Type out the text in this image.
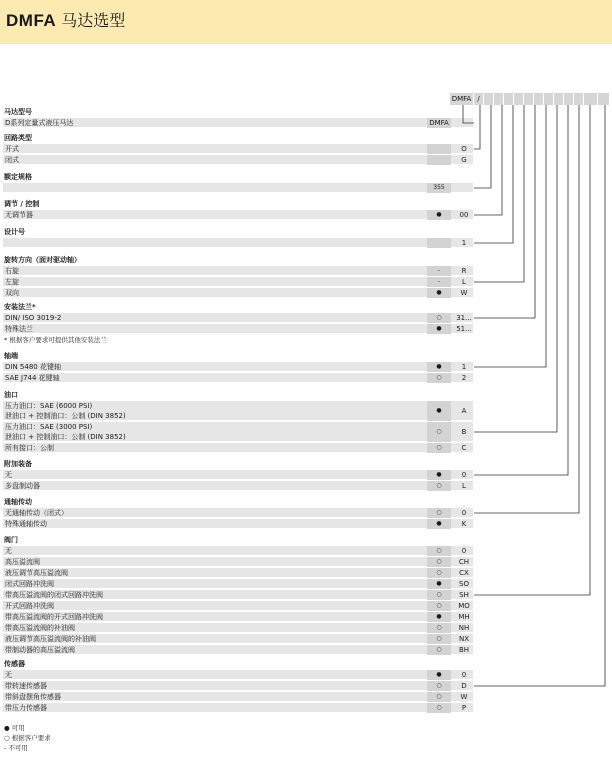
DMFA 马达选型
DMFA /
马达型号
D系列定量式液压马达	DMFA
回路类型
开式	O
闭式	G
额定规格
355
调节 / 控制
无调节器	●	00
设计号
1
旋转方向（面对驱动轴）
右旋	-	R
左旋	-	L
双向	●	W
安装法兰*
DIN/ ISO 3019-2	○	31...
特殊法兰	●	51...
* 根据客户要求可提供其他安装法兰
轴端
DIN 5480 花键轴	●	1
SAE J744 花键轴	○	2
油口
压力油口：SAE (6000 PSI)
泄油口 + 控制油口：公制 (DIN 3852)
●	A
压力油口：SAE (3000 PSI)
泄油口 + 控制油口：公制 (DIN 3852)
○	B
所有接口：公制	○	C
附加装备
无	●	0
多盘制动器	○	L
通轴传动
无通轴传动（闭式）	○	0
特殊通轴传动	●	K
阀门
无	○	0
高压溢流阀	○	CH
液压调节高压溢流阀	○	CX
闭式回路冲洗阀	●	SO
带高压溢流阀的闭式回路冲洗阀	○	SH
开式回路冲洗阀	○	MO
带高压溢流阀的开式回路冲洗阀	●	MH
带高压溢流阀的补油阀	○	NH
液压调节高压溢流阀的补油阀	○	NX
带制动器的高压溢流阀	○	BH
传感器
无	●	0
带转速传感器	○	D
带斜盘摆角传感器	○	W
带压力传感器	○	P
● 可用
○ 根据客户要求
- 不可用
